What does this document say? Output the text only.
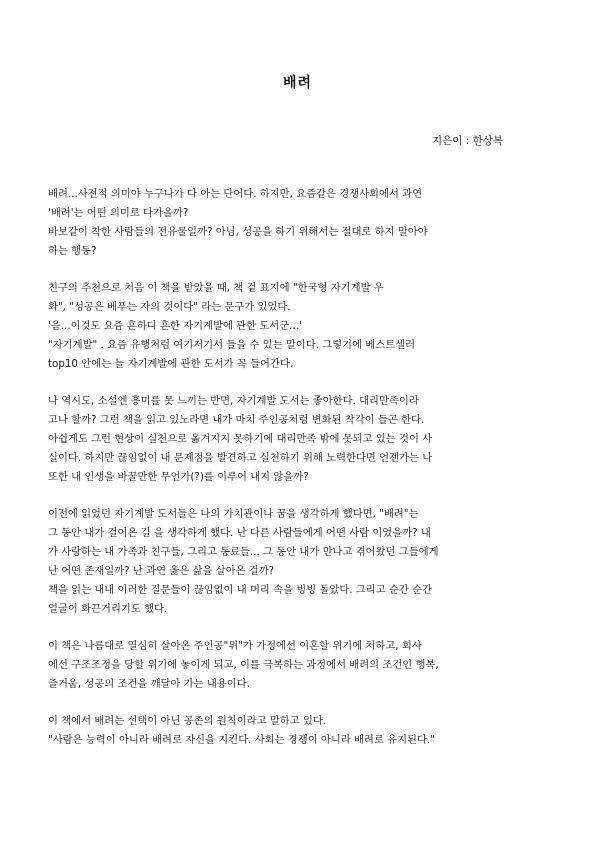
배려
지은이 : 한상복
배려...사전적 의미야 누구나가 다 아는 단어다. 하지만, 요즘같은 경쟁사회에서 과연
'배려'는 어떤 의미로 다가올까?
바보같이 착한 사람들의 전유물일까? 아님, 성공을 하기 위해서는 절대로 하지 말아야
하는 행동?
친구의 추천으로 처음 이 책을 받았을 때, 책 겉 표지에 "한국형 자기계발 우
화", "성공은 베푸는 자의 것이다" 라는 문구가 있었다.
'음...이것도 요즘 흔하디 흔한 자기계발에 관한 도서군...'
"자기계발" . 요즘 유행처럼 여기저기서 들을 수 있는 말이다. 그렇기에 베스트셀러
top10 안에는 늘 자기계발에 관한 도서가 꼭 들어간다.
나 역시도, 소설엔 흥미를 못 느끼는 반면, 자기계발 도서는 좋아한다. 대리만족이라
고나 할까? 그런 책을 읽고 있노라면 내가 마치 주인공처럼 변화된 착각이 들곤 한다.
아쉽게도 그런 현상이 실천으로 옮겨지지 못하기에 대리만족 밖에 못되고 있는 것이 사
실이다. 하지만 끊임없이 내 문제점을 발견하고 실천하기 위해 노력한다면 언젠가는 나
또한 내 인생을 바꿀만한 무언가(?)를 이루어 내지 않을까?
이전에 읽었던 자기계발 도서들은 나의 가치관이나 꿈을 생각하게 했다면, "배려"는
그 동안 내가 걸어온 길 을 생각하게 했다. 난 다른 사람들에게 어떤 사람 이었을까? 내
가 사랑하는 내 가족과 친구들, 그리고 동료들... 그 동안 내가 만나고 겪어왔던 그들에게
난 어떤 존재일까? 난 과연 옳은 삶을 살아온 걸까?
책을 읽는 내내 이러한 질문들이 끊임없이 내 머리 속을 빙빙 돌았다. 그리고 순간 순간
얼굴이 화끈거리기도 했다.
이 책은 나름대로 열심히 살아온 주인공"위"가 가정에선 이혼할 위기에 처하고, 회사
에선 구조조정을 당할 위기에 놓이게 되고, 이를 극복하는 과정에서 배려의 조건인 행복,
즐거움, 성공의 조건을 깨달아 가는 내용이다.
이 책에서 배려는 선택이 아닌 공존의 원칙이라고 말하고 있다.
"사람은 능력이 아니라 배려로 자신을 지킨다. 사회는 경쟁이 아니라 배려로 유지된다."
